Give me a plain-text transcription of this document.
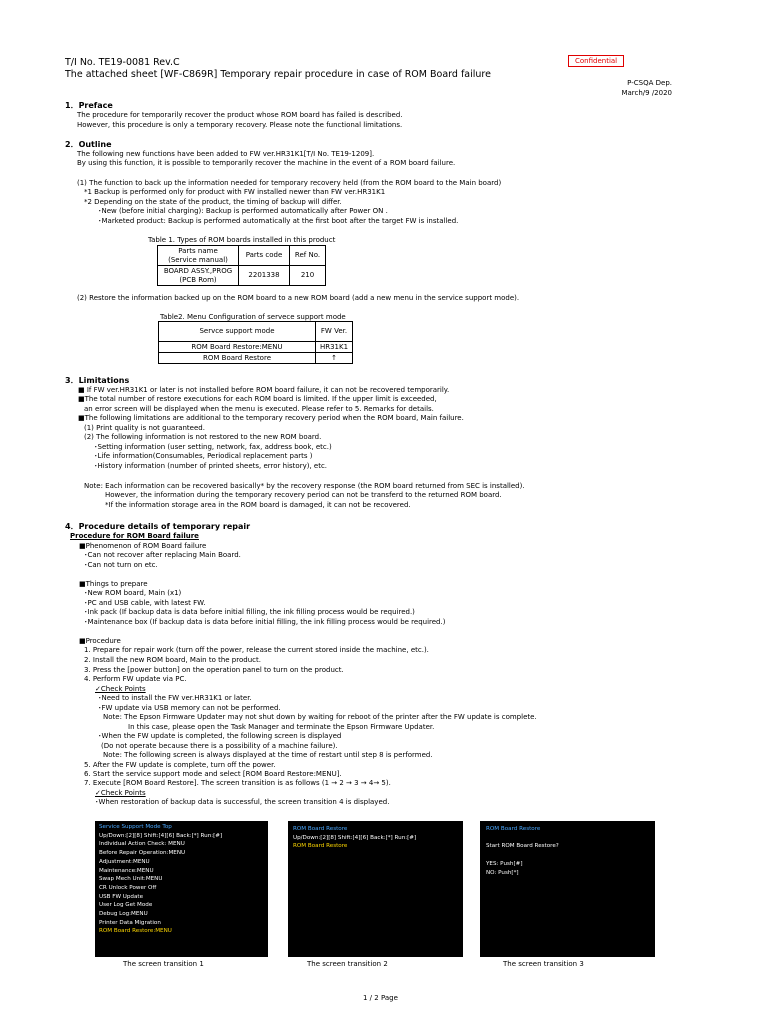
T/I No. TE19-0081 Rev.C
The attached sheet [WF-C869R] Temporary repair procedure in case of ROM Board failure
Confidential
P-CSQA Dep.
March/9 /2020
1．Preface
The procedure for temporarily recover the product whose ROM board has failed is described.
However, this procedure is only a temporary recovery. Please note the functional limitations.
2．Outline
The following new functions have been added to FW ver.HR31K1[T/I No. TE19-1209].
By using this function, it is possible to temporarily recover the machine in the event of a ROM board failure.
(1) The function to back up the information needed for temporary recovery held (from the ROM board to the Main board)
*1 Backup is performed only for product with FW installed newer than FW ver.HR31K1
*2 Depending on the state of the product, the timing of backup will differ.
･New (before initial charging): Backup is performed automatically after Power ON .
･Marketed product: Backup is performed automatically at the first boot after the target FW is installed.
Table 1. Types of ROM boards installed in this product
Parts name
(Service manual)	Parts code	Ref No.

BOARD ASSY.,PROG
(PCB Rom)	2201338	210
(2) Restore the information backed up on the ROM board to a new ROM board (add a new menu in the service support mode).
Table2. Menu Configuration of servece support mode
Servce support mode	FW Ver.
ROM Board Restore:MENU	HR31K1
ROM Board Restore	↑
3．Limitations
■ If FW ver.HR31K1 or later is not installed before ROM board failure, it can not be recovered temporarily.
■The total number of restore executions for each ROM board is limited. If the upper limit is exceeded,
an error screen will be displayed when the menu is executed. Please refer to 5. Remarks for details.
■The following limitations are additional to the temporary recovery period when the ROM board, Main failure.
(1) Print quality is not guaranteed.
(2) The following information is not restored to the new ROM board.
･Setting information (user setting, network, fax, address book, etc.)
･Life information(Consumables, Periodical replacement parts )
･History information (number of printed sheets, error history), etc.
Note: Each information can be recovered basically* by the recovery response (the ROM board returned from SEC is installed).
However, the information during the temporary recovery period can not be transferd to the returned ROM board.
*If the information storage area in the ROM board is damaged, it can not be recovered.
4．Procedure details of temporary repair
Procedure for ROM Board failure
■Phenomenon of ROM Board failure
･Can not recover after replacing Main Board.
･Can not turn on etc.
■Things to prepare
･New ROM board, Main (x1)
･PC and USB cable, with latest FW.
･Ink pack (If backup data is data before initial filling, the ink filling process would be required.)
･Maintenance box (If backup data is data before initial filling, the ink filling process would be required.)
■Procedure
1. Prepare for repair work (turn off the power, release the current stored inside the machine, etc.).
2. Install the new ROM board, Main to the product.
3. Press the [power button] on the operation panel to turn on the product.
4. Perform FW update via PC.
✓Check Points
･Need to install the FW ver.HR31K1 or later.
･FW update via USB memory can not be performed.
Note: The Epson Firmware Updater may not shut down by waiting for reboot of the printer after the FW update is complete.
In this case, please open the Task Manager and terminate the Epson Firmware Updater.
･When the FW update is completed, the following screen is displayed
(Do not operate because there is a possibility of a machine failure).
Note: The following screen is always displayed at the time of restart until step 8 is performed.
5. After the FW update is complete, turn off the power.
6. Start the service support mode and select [ROM Board Restore:MENU].
7. Execute [ROM Board Restore]. The screen transition is as follows (1 → 2 → 3 → 4→ 5).
✓Check Points
･When restoration of backup data is successful, the screen transition 4 is displayed.
Service Support Mode Top
Up/Down:[2][8] Shift:[4][6] Back:[*] Run:[#]
Individual Action Check: MENU
Before Repair Operation:MENU
Adjustment:MENU
Maintenance:MENU
Swap Mech Unit:MENU
CR Unlock Power Off
USB FW Update
User Log Get Mode
Debug Log:MENU
Printer Data Migration
ROM Board Restore:MENU
The screen transition 1
ROM Board Restore
Up/Down:[2][8] Shift:[4][6] Back:[*] Run:[#]
ROM Board Restore
The screen transition 2
ROM Board Restore
Start ROM Board Restore?
YES: Push[#]
NO: Push[*]
The screen transition 3
1 / 2 Page
